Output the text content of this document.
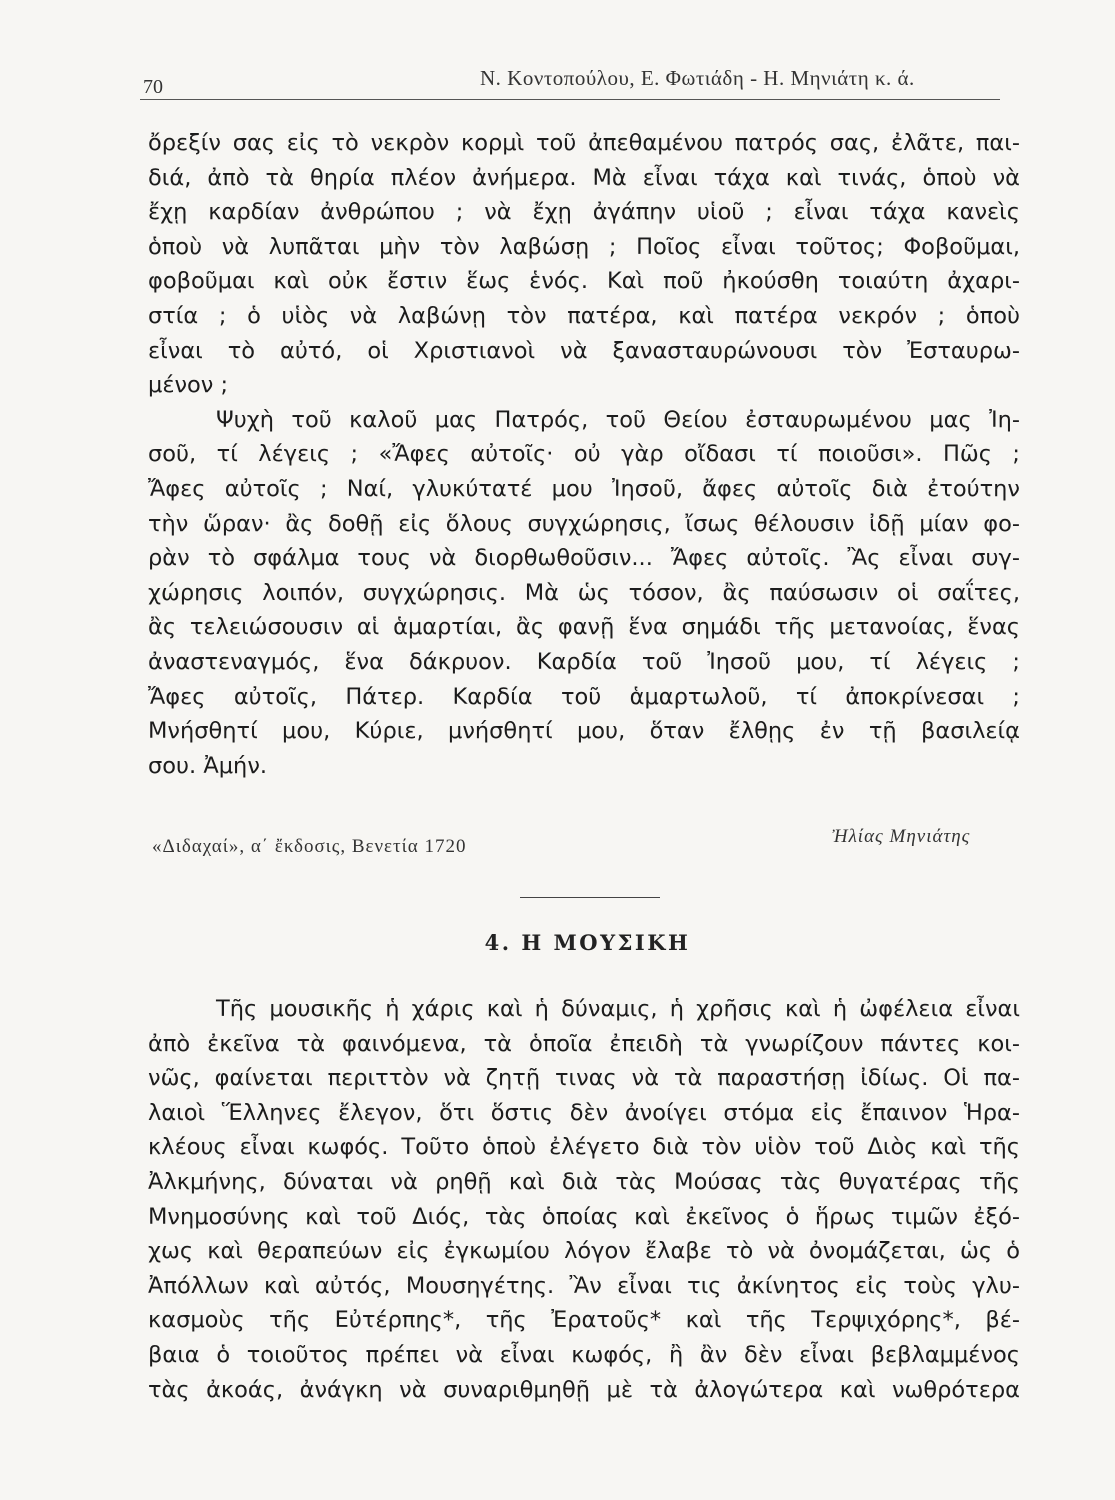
70	Ν. Κοντοπούλου, Ε. Φωτιάδη - Η. Μηνιάτη κ. ά.
ὄρεξίν σας εἰς τὸ νεκρὸν κορμὶ τοῦ ἀπεθαμένου πατρός σας, ἐλᾶτε, παι-
διά, ἀπὸ τὰ θηρία πλέον ἀνήμερα. Μὰ εἶναι τάχα καὶ τινάς, ὁποὺ νὰ
ἔχῃ καρδίαν ἀνθρώπου ; νὰ ἔχῃ ἀγάπην υἱοῦ ; εἶναι τάχα κανεὶς
ὁποὺ νὰ λυπᾶται μὴν τὸν λαβώσῃ ; Ποῖος εἶναι τοῦτος; Φοβοῦμαι,
φοβοῦμαι καὶ οὐκ ἔστιν ἕως ἑνός. Καὶ ποῦ ἠκούσθη τοιαύτη ἀχαρι-
στία ; ὁ υἱὸς νὰ λαβώνῃ τὸν πατέρα, καὶ πατέρα νεκρόν ; ὁποὺ
εἶναι τὸ αὐτό, οἱ Χριστιανοὶ νὰ ξανασταυρώνουσι τὸν Ἐσταυρω-
μένον ;
Ψυχὴ τοῦ καλοῦ μας Πατρός, τοῦ Θείου ἐσταυρωμένου μας Ἰη-
σοῦ, τί λέγεις ; «Ἄφες αὐτοῖς· οὐ γὰρ οἴδασι τί ποιοῦσι». Πῶς ;
Ἄφες αὐτοῖς ; Ναί, γλυκύτατέ μου Ἰησοῦ, ἄφες αὐτοῖς διὰ ἐτούτην
τὴν ὥραν· ἂς δοθῇ εἰς ὅλους συγχώρησις, ἴσως θέλουσιν ἰδῇ μίαν φο-
ρὰν τὸ σφάλμα τους νὰ διορθωθοῦσιν... Ἄφες αὐτοῖς. Ἂς εἶναι συγ-
χώρησις λοιπόν, συγχώρησις. Μὰ ὡς τόσον, ἂς παύσωσιν οἱ σαΐτες,
ἂς τελειώσουσιν αἱ ἁμαρτίαι, ἂς φανῇ ἕνα σημάδι τῆς μετανοίας, ἕνας
ἀναστεναγμός, ἕνα δάκρυον. Καρδία τοῦ Ἰησοῦ μου, τί λέγεις ;
Ἄφες αὐτοῖς, Πάτερ. Καρδία τοῦ ἁμαρτωλοῦ, τί ἀποκρίνεσαι ;
Μνήσθητί μου, Κύριε, μνήσθητί μου, ὅταν ἔλθῃς ἐν τῇ βασιλείᾳ
σου. Ἀμήν.
«Διδαχαί», α΄ ἔκδοσις, Βενετία 1720	Ἠλίας Μηνιάτης
4. Η ΜΟΥΣΙΚΗ
Τῆς μουσικῆς ἡ χάρις καὶ ἡ δύναμις, ἡ χρῆσις καὶ ἡ ὠφέλεια εἶναι
ἀπὸ ἐκεῖνα τὰ φαινόμενα, τὰ ὁποῖα ἐπειδὴ τὰ γνωρίζουν πάντες κοι-
νῶς, φαίνεται περιττὸν νὰ ζητῇ τινας νὰ τὰ παραστήσῃ ἰδίως. Οἱ πα-
λαιοὶ Ἕλληνες ἔλεγον, ὅτι ὅστις δὲν ἀνοίγει στόμα εἰς ἔπαινον Ἡρα-
κλέους εἶναι κωφός. Τοῦτο ὁποὺ ἐλέγετο διὰ τὸν υἱὸν τοῦ Διὸς καὶ τῆς
Ἀλκμήνης, δύναται νὰ ρηθῇ καὶ διὰ τὰς Μούσας τὰς θυγατέρας τῆς
Μνημοσύνης καὶ τοῦ Διός, τὰς ὁποίας καὶ ἐκεῖνος ὁ ἥρως τιμῶν ἐξό-
χως καὶ θεραπεύων εἰς ἐγκωμίου λόγον ἔλαβε τὸ νὰ ὀνομάζεται, ὡς ὁ
Ἀπόλλων καὶ αὐτός, Μουσηγέτης. Ἂν εἶναι τις ἀκίνητος εἰς τοὺς γλυ-
κασμοὺς τῆς Εὐτέρπης*, τῆς Ἐρατοῦς* καὶ τῆς Τερψιχόρης*, βέ-
βαια ὁ τοιοῦτος πρέπει νὰ εἶναι κωφός, ἢ ἂν δὲν εἶναι βεβλαμμένος
τὰς ἀκοάς, ἀνάγκη νὰ συναριθμηθῇ μὲ τὰ ἀλογώτερα καὶ νωθρότερα
